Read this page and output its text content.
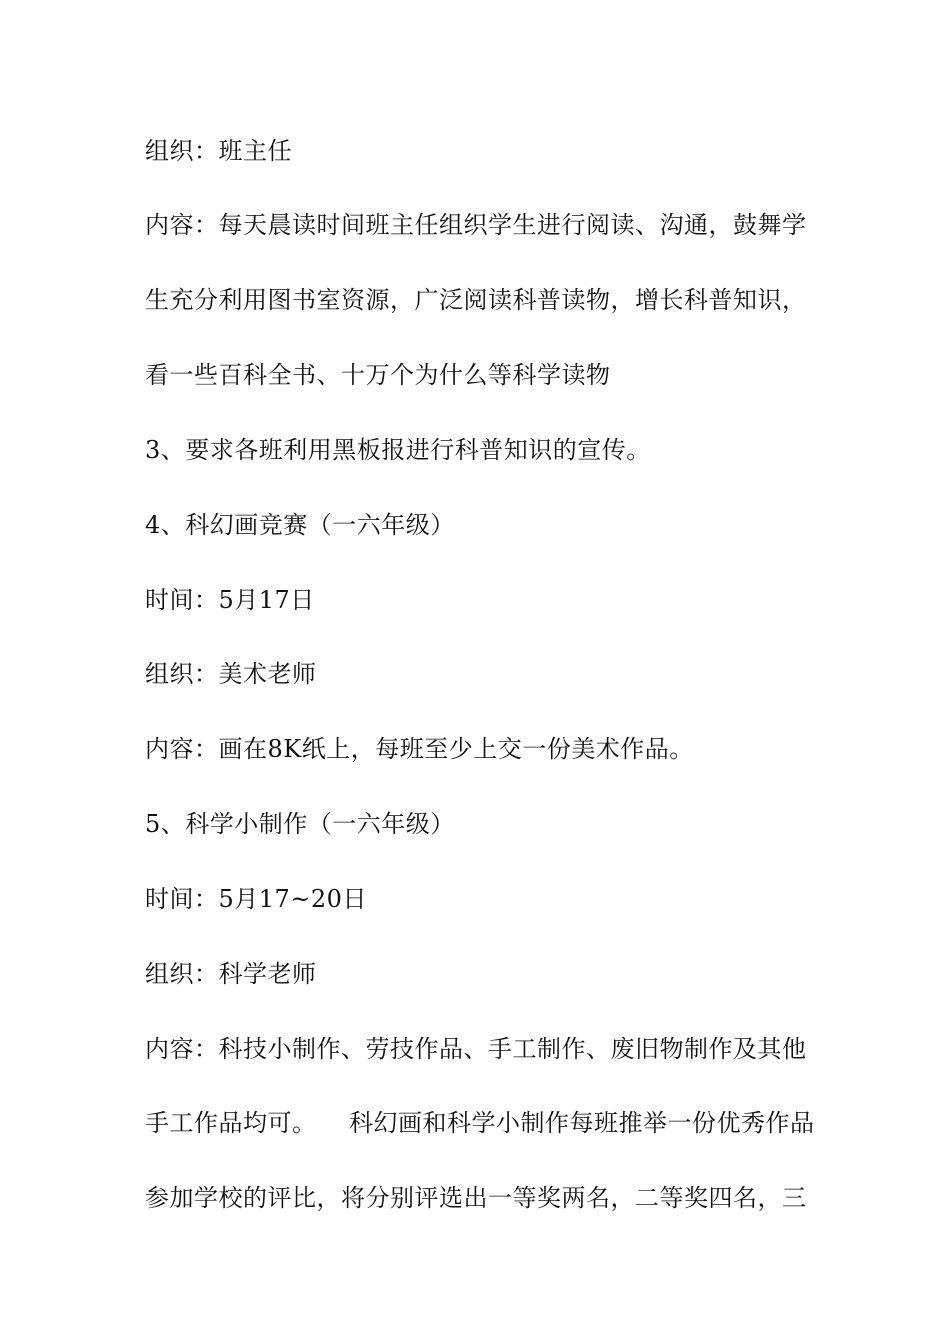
组织：班主任
内容：每天晨读时间班主任组织学生进行阅读、沟通，鼓舞学
生充分利用图书室资源，广泛阅读科普读物，增长科普知识，
看一些百科全书、十万个为什么等科学读物
3、要求各班利用黑板报进行科普知识的宣传。
4、科幻画竞赛（一六年级）
时间：5月17日
组织：美术老师
内容：画在8K纸上，每班至少上交一份美术作品。
5、科学小制作（一六年级）
时间：5月17~20日
组织：科学老师
内容：科技小制作、劳技作品、手工制作、废旧物制作及其他
手工作品均可。    科幻画和科学小制作每班推举一份优秀作品
参加学校的评比，将分别评选出一等奖两名，二等奖四名，三
